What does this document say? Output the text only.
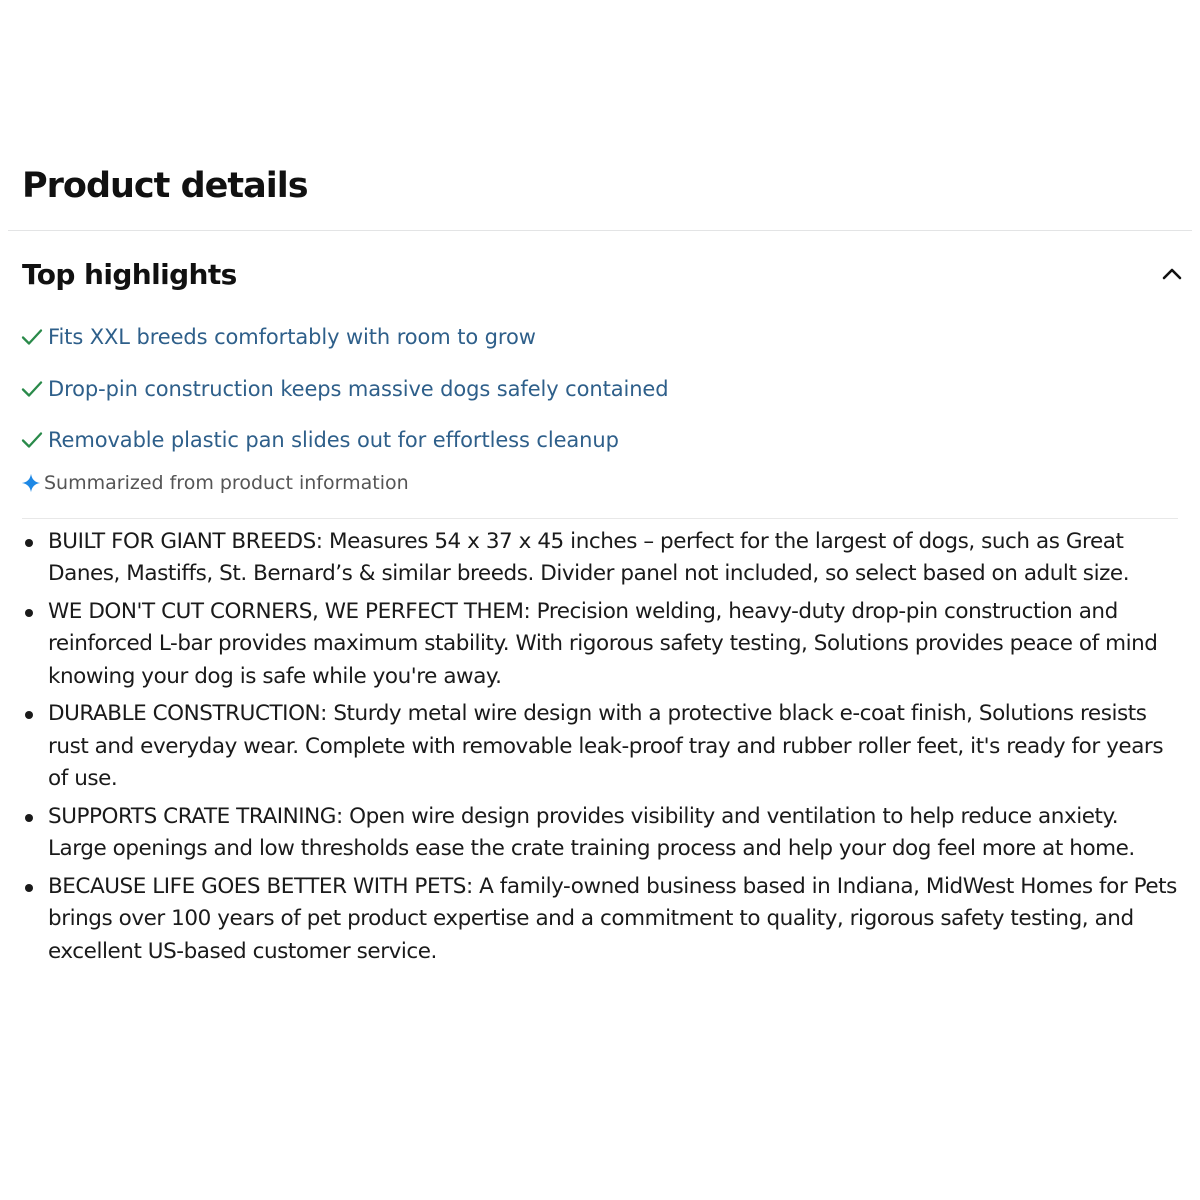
Product details
Top highlights
Fits XXL breeds comfortably with room to grow
Drop-pin construction keeps massive dogs safely contained
Removable plastic pan slides out for effortless cleanup
Summarized from product information
BUILT FOR GIANT BREEDS: Measures 54 x 37 x 45 inches – perfect for the largest of dogs, such as Great Danes, Mastiffs, St. Bernard’s & similar breeds. Divider panel not included, so select based on adult size.
WE DON'T CUT CORNERS, WE PERFECT THEM: Precision welding, heavy-duty drop-pin construction and reinforced L-bar provides maximum stability. With rigorous safety testing, Solutions provides peace of mind knowing your dog is safe while you're away.
DURABLE CONSTRUCTION: Sturdy metal wire design with a protective black e-coat finish, Solutions resists rust and everyday wear. Complete with removable leak-proof tray and rubber roller feet, it's ready for years of use.
SUPPORTS CRATE TRAINING: Open wire design provides visibility and ventilation to help reduce anxiety. Large openings and low thresholds ease the crate training process and help your dog feel more at home.
BECAUSE LIFE GOES BETTER WITH PETS: A family-owned business based in Indiana, MidWest Homes for Pets brings over 100 years of pet product expertise and a commitment to quality, rigorous safety testing, and excellent US-based customer service.
